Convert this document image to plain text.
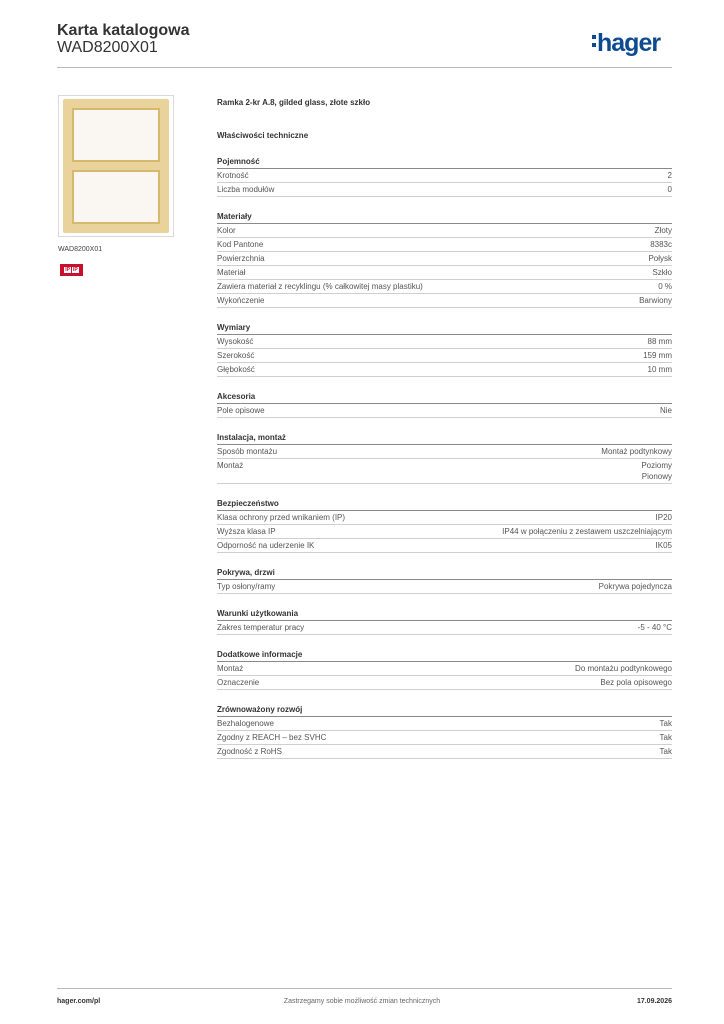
Karta katalogowa
WAD8200X01	hager
WAD8200X01
IP IP
Ramka 2-kr A.8, gilded glass, złote szkło
Właściwości techniczne
Pojemność
Krotność	2
Liczba modułów	0
Materiały
Kolor	Złoty
Kod Pantone	8383c
Powierzchnia	Połysk
Materiał	Szkło
Zawiera materiał z recyklingu (% całkowitej masy plastiku)	0 %
Wykończenie	Barwiony
Wymiary
Wysokość	88 mm
Szerokość	159 mm
Głębokość	10 mm
Akcesoria
Pole opisowe	Nie
Instalacja, montaż
Sposób montażu	Montaż podtynkowy
Montaż	Poziomy
Pionowy
Bezpieczeństwo
Klasa ochrony przed wnikaniem (IP)	IP20
Wyższa klasa IP	IP44 w połączeniu z zestawem uszczelniającym
Odporność na uderzenie IK	IK05
Pokrywa, drzwi
Typ osłony/ramy	Pokrywa pojedyncza
Warunki użytkowania
Zakres temperatur pracy	-5 - 40 °C
Dodatkowe informacje
Montaż	Do montażu podtynkowego
Oznaczenie	Bez pola opisowego
Zrównoważony rozwój
Bezhalogenowe	Tak
Zgodny z REACH – bez SVHC	Tak
Zgodność z RoHS	Tak
hager.com/pl	Zastrzegamy sobie możliwość zmian technicznych	17.09.2026
